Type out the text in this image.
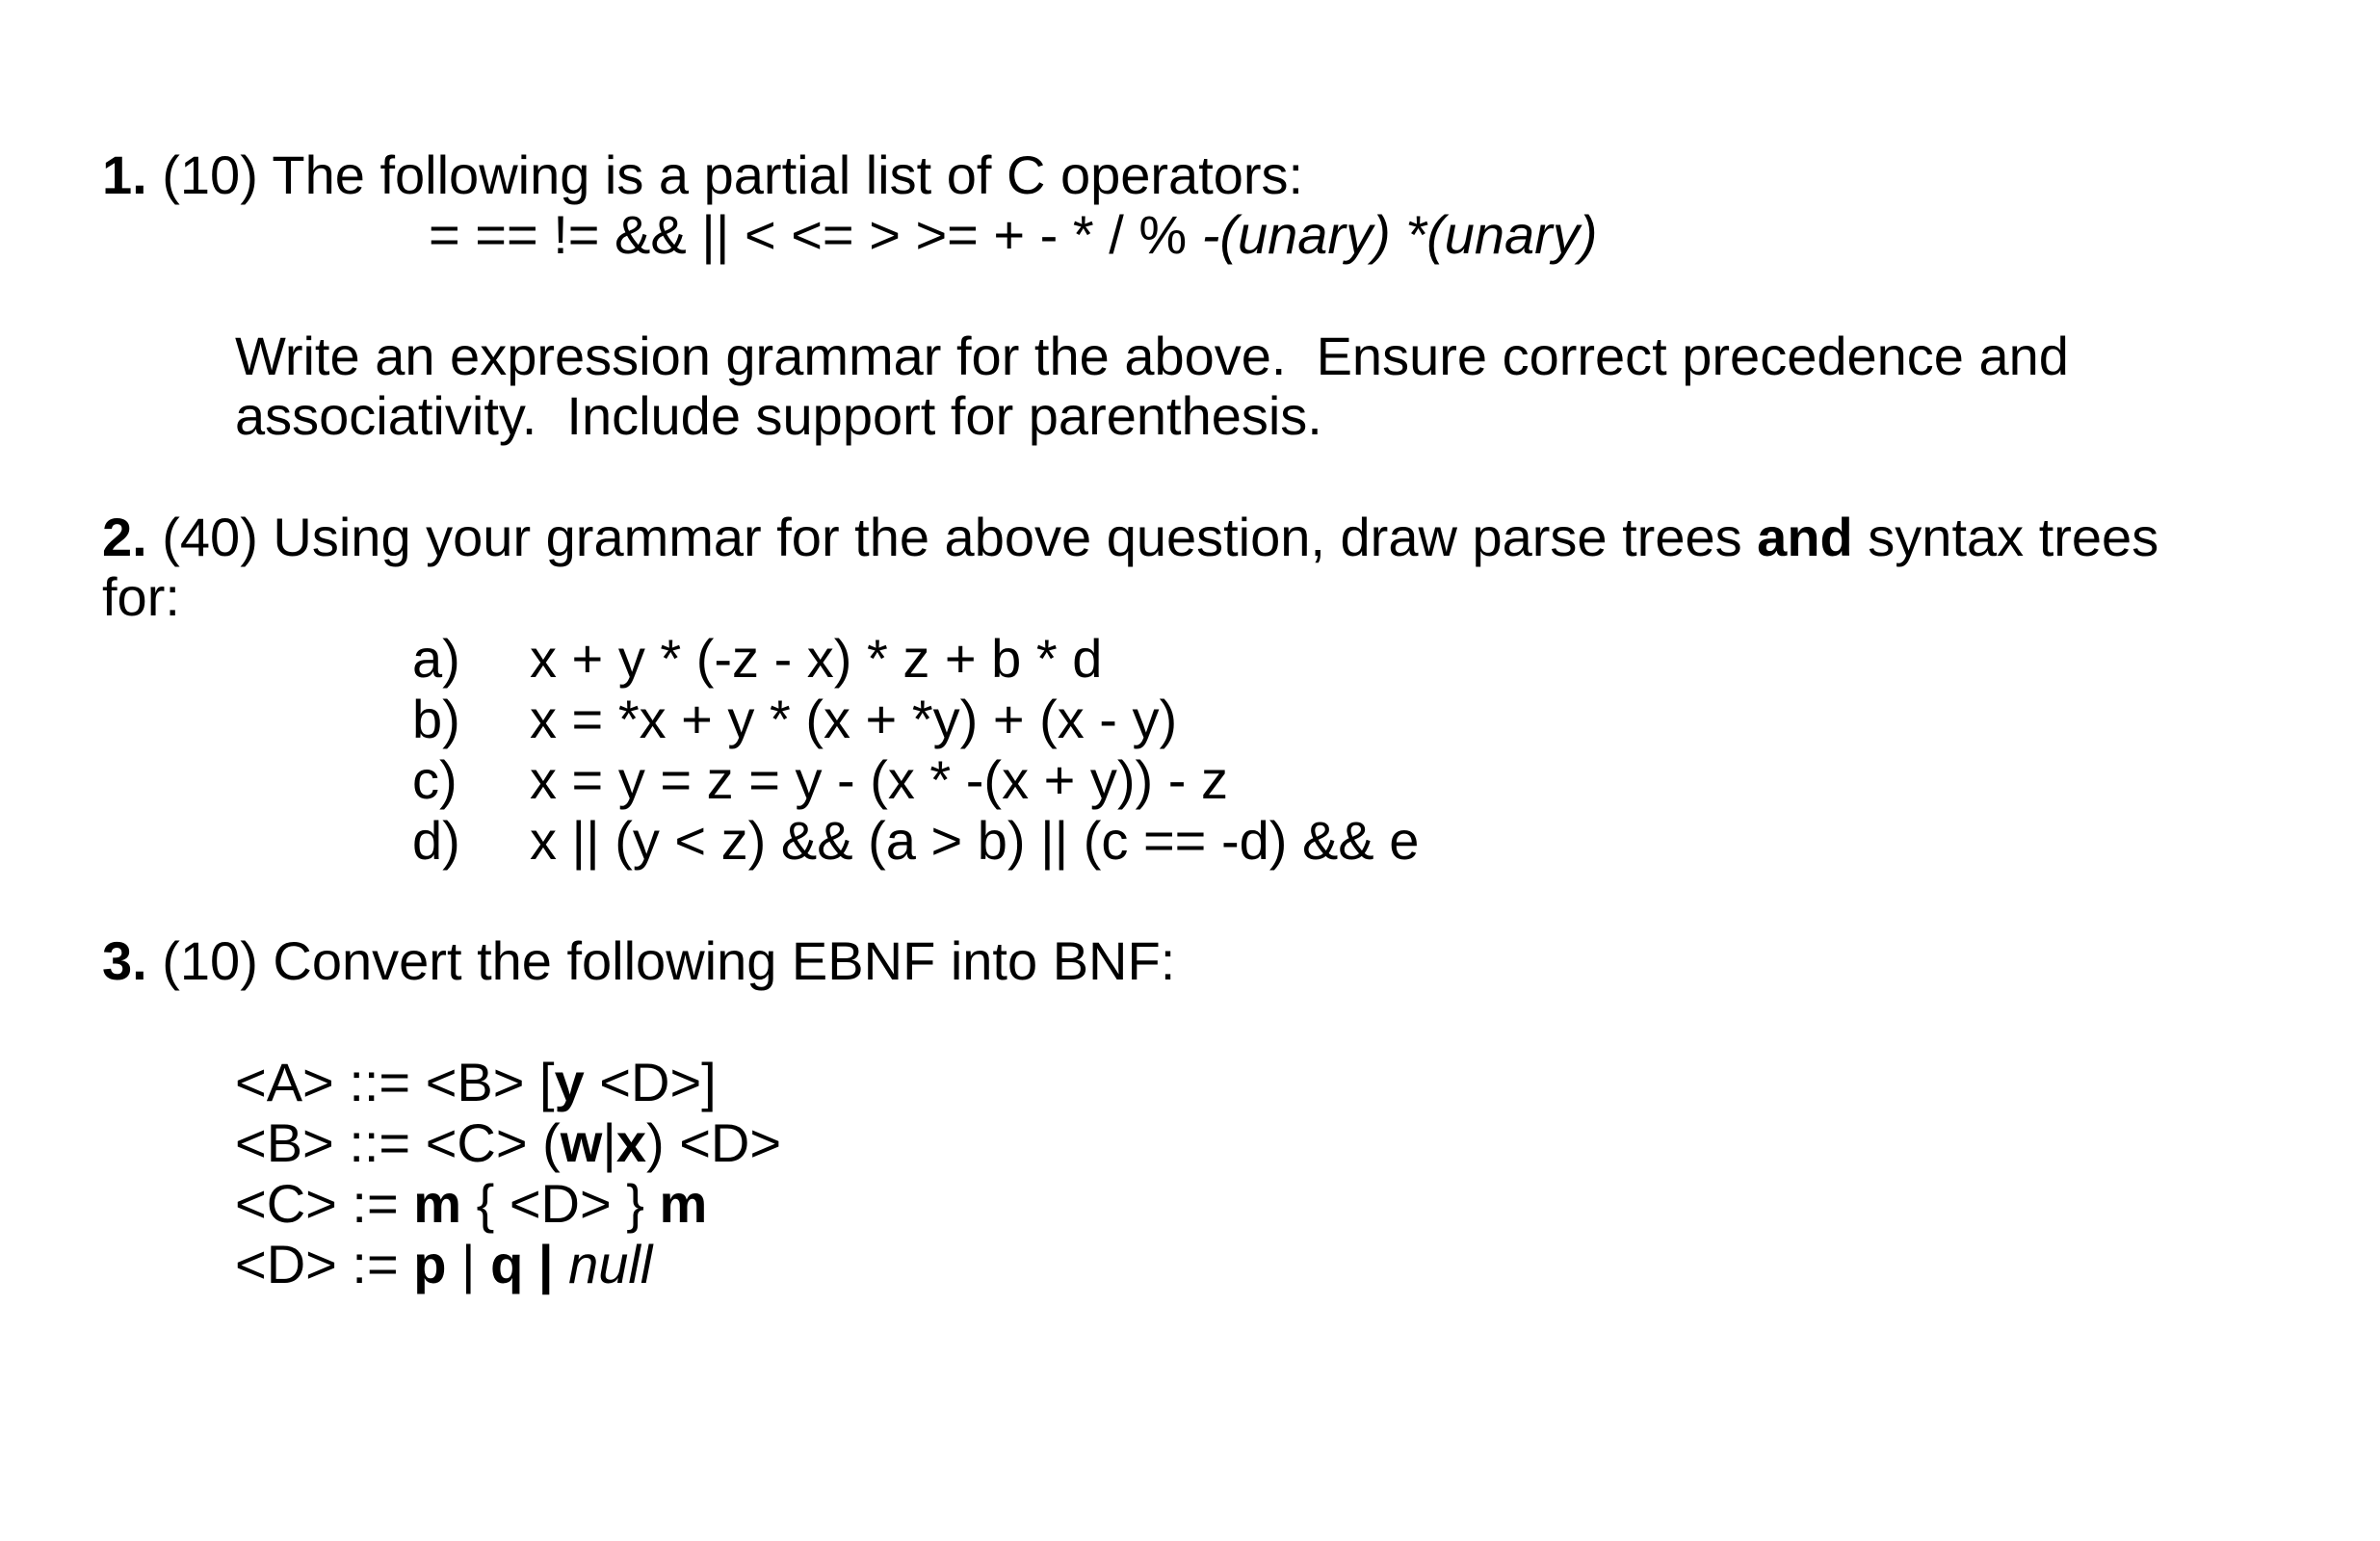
1. (10) The following is a partial list of C operators:
= == != && || < <= > >= + - * / % -(unary) *(unary)
Write an expression grammar for the above.  Ensure correct precedence and
associativity.  Include support for parenthesis.
2. (40) Using your grammar for the above question, draw parse trees and syntax trees
for:
a) x + y * (-z - x) * z + b * d
b) x = *x + y * (x + *y) + (x - y)
c) x = y = z = y - (x * -(x + y)) - z
d) x || (y < z) && (a > b) || (c == -d) && e
3. (10) Convert the following EBNF into BNF:
<A> ::= <B> [y <D>]
<B> ::= <C> (w|x) <D>
<C> := m { <D> } m
<D> := p | q | null
